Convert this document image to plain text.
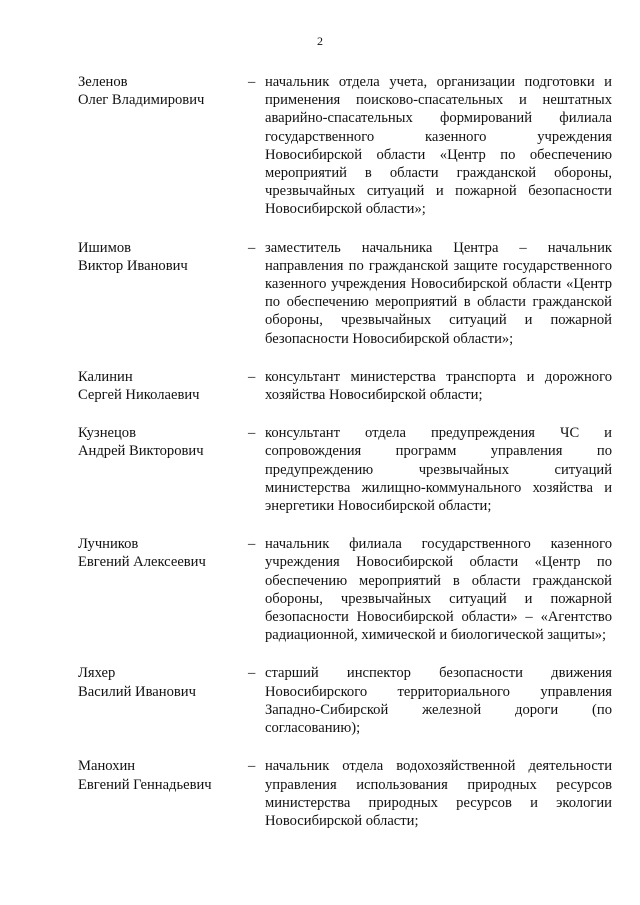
2
Зеленов
Олег Владимирович
– начальник отдела учета, организации подготовки и применения поисково-спасательных и нештатных аварийно-спасательных формирований филиала государственного казенного учреждения Новосибирской области «Центр по обеспечению мероприятий в области гражданской обороны, чрезвычайных ситуаций и пожарной безопасности Новосибирской области»;
Ишимов
Виктор Иванович
– заместитель начальника Центра – начальник направления по гражданской защите государственного казенного учреждения Новосибирской области «Центр по обеспечению мероприятий в области гражданской обороны, чрезвычайных ситуаций и пожарной безопасности Новосибирской области»;
Калинин
Сергей Николаевич
– консультант министерства транспорта и дорожного хозяйства Новосибирской области;
Кузнецов
Андрей Викторович
– консультант отдела предупреждения ЧС и сопровождения программ управления по предупреждению чрезвычайных ситуаций министерства жилищно-коммунального хозяйства и энергетики Новосибирской области;
Лучников
Евгений Алексеевич
– начальник филиала государственного казенного учреждения Новосибирской области «Центр по обеспечению мероприятий в области гражданской обороны, чрезвычайных ситуаций и пожарной безопасности Новосибирской области» – «Агентство радиационной, химической и биологической защиты»;
Ляхер
Василий Иванович
– старший инспектор безопасности движения Новосибирского территориального управления Западно-Сибирской железной дороги (по согласованию);
Манохин
Евгений Геннадьевич
– начальник отдела водохозяйственной деятельности управления использования природных ресурсов министерства природных ресурсов и экологии Новосибирской области;
